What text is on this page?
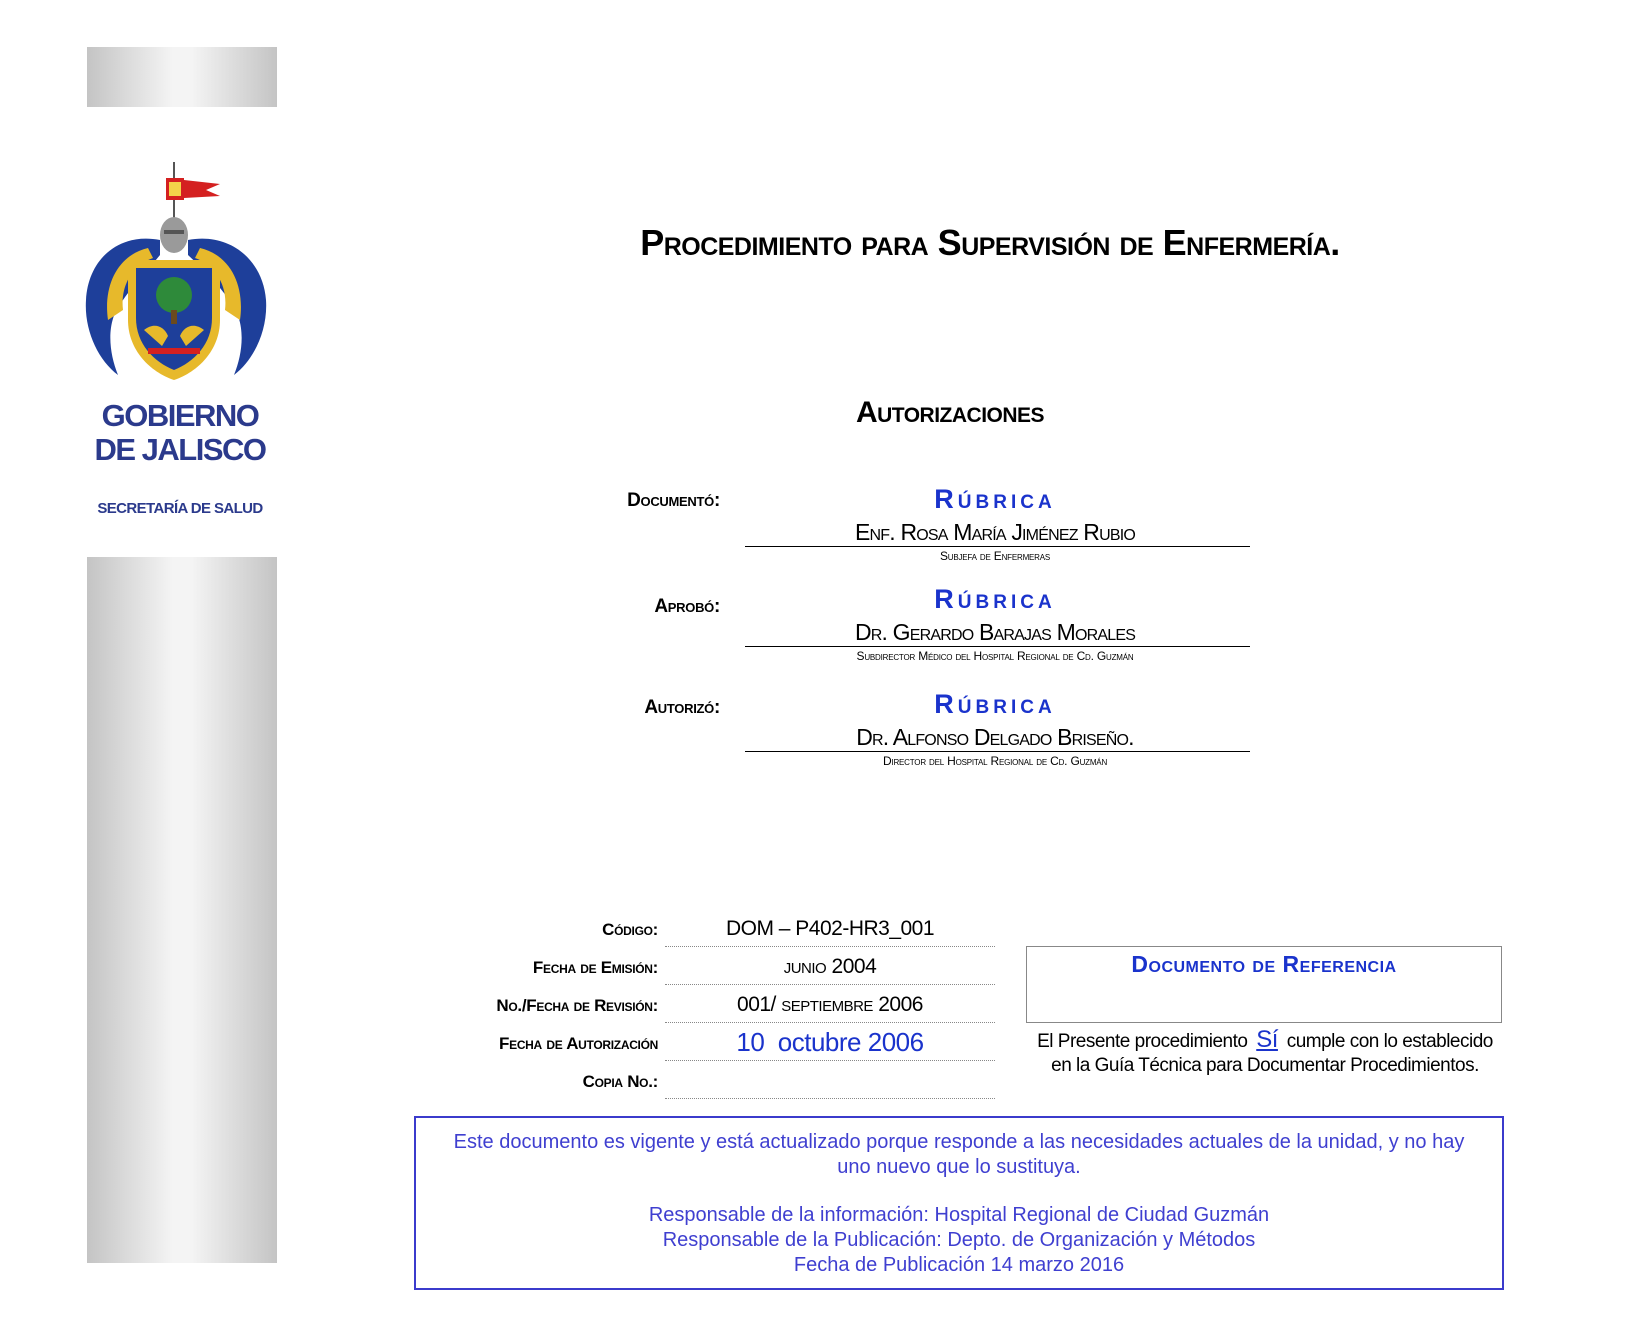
GOBIERNO
DE JALISCO
SECRETARÍA DE SALUD
Procedimiento para Supervisión de Enfermería.
Autorizaciones
Documentó:	Rúbrica
Enf. Rosa María Jiménez Rubio
Subjefa de Enfermeras
Aprobó:	Rúbrica
Dr. Gerardo Barajas Morales
Subdirector Médico del Hospital Regional de Cd. Guzmán
Autorizó:	Rúbrica
Dr. Alfonso Delgado Briseño.
Director del Hospital Regional de Cd. Guzmán
Código:	DOM – P402-HR3_001
Fecha de Emisión:	junio 2004
No./Fecha de Revisión:	001/ septiembre 2006
Fecha de Autorización	10  octubre 2006
Copia No.:
Documento de Referencia
El Presente procedimiento Sí cumple con lo establecido en la Guía Técnica para Documentar Procedimientos.
Este documento es vigente y está actualizado porque responde a las necesidades actuales de la unidad, y no hay uno nuevo que lo sustituya.
Responsable de la información: Hospital Regional de Ciudad Guzmán
Responsable de la Publicación: Depto. de Organización y Métodos
Fecha de Publicación 14 marzo 2016
